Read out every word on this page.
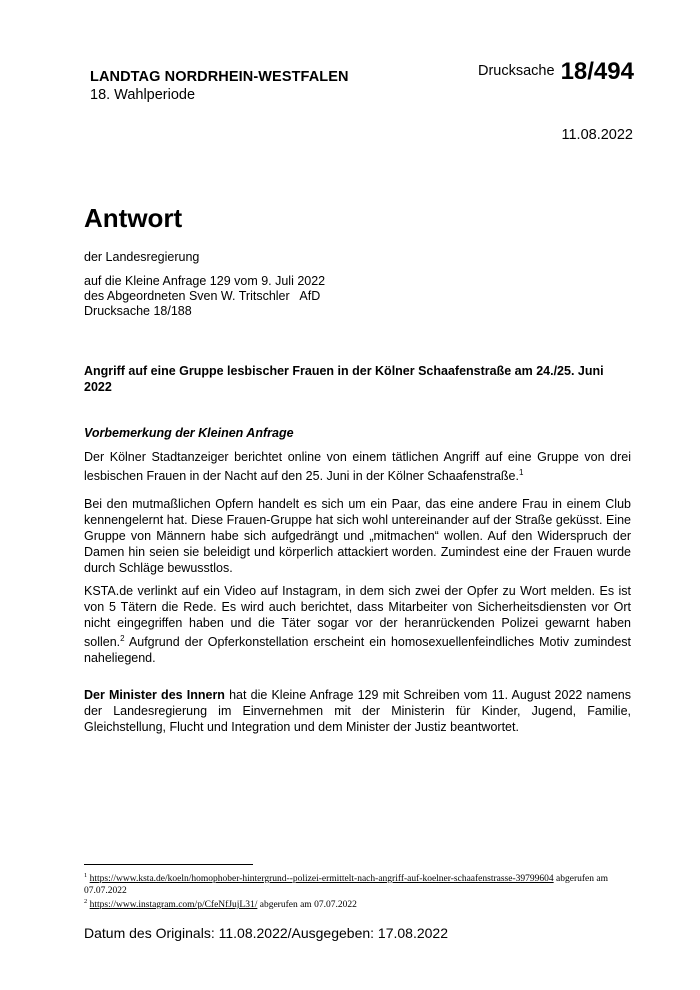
LANDTAG NORDRHEIN-WESTFALEN
18. Wahlperiode
Drucksache 18/494
11.08.2022
Antwort
der Landesregierung
auf die Kleine Anfrage 129 vom 9. Juli 2022
des Abgeordneten Sven W. Tritschler   AfD
Drucksache 18/188
Angriff auf eine Gruppe lesbischer Frauen in der Kölner Schaafenstraße am 24./25. Juni 2022
Vorbemerkung der Kleinen Anfrage
Der Kölner Stadtanzeiger berichtet online von einem tätlichen Angriff auf eine Gruppe von drei lesbischen Frauen in der Nacht auf den 25. Juni in der Kölner Schaafenstraße.$^1$
Bei den mutmaßlichen Opfern handelt es sich um ein Paar, das eine andere Frau in einem Club kennengelernt hat. Diese Frauen-Gruppe hat sich wohl untereinander auf der Straße geküsst. Eine Gruppe von Männern habe sich aufgedrängt und „mitmachen“ wollen. Auf den Widerspruch der Damen hin seien sie beleidigt und körperlich attackiert worden. Zumindest eine der Frauen wurde durch Schläge bewusstlos.
KSTA.de verlinkt auf ein Video auf Instagram, in dem sich zwei der Opfer zu Wort melden. Es ist von 5 Tätern die Rede. Es wird auch berichtet, dass Mitarbeiter von Sicherheitsdiensten vor Ort nicht eingegriffen haben und die Täter sogar vor der heranrückenden Polizei gewarnt haben sollen.$^2$ Aufgrund der Opferkonstellation erscheint ein homosexuellenfeindliches Motiv zumindest naheliegend.
Der Minister des Innern hat die Kleine Anfrage 129 mit Schreiben vom 11. August 2022 namens der Landesregierung im Einvernehmen mit der Ministerin für Kinder, Jugend, Familie, Gleichstellung, Flucht und Integration und dem Minister der Justiz beantwortet.
$^1$ https://www.ksta.de/koeln/homophober-hintergrund--polizei-ermittelt-nach-angriff-auf-koelner-schaafenstrasse-39799604 abgerufen am 07.07.2022
$^2$ https://www.instagram.com/p/CfeNfJujL31/ abgerufen am 07.07.2022
Datum des Originals: 11.08.2022/Ausgegeben: 17.08.2022
